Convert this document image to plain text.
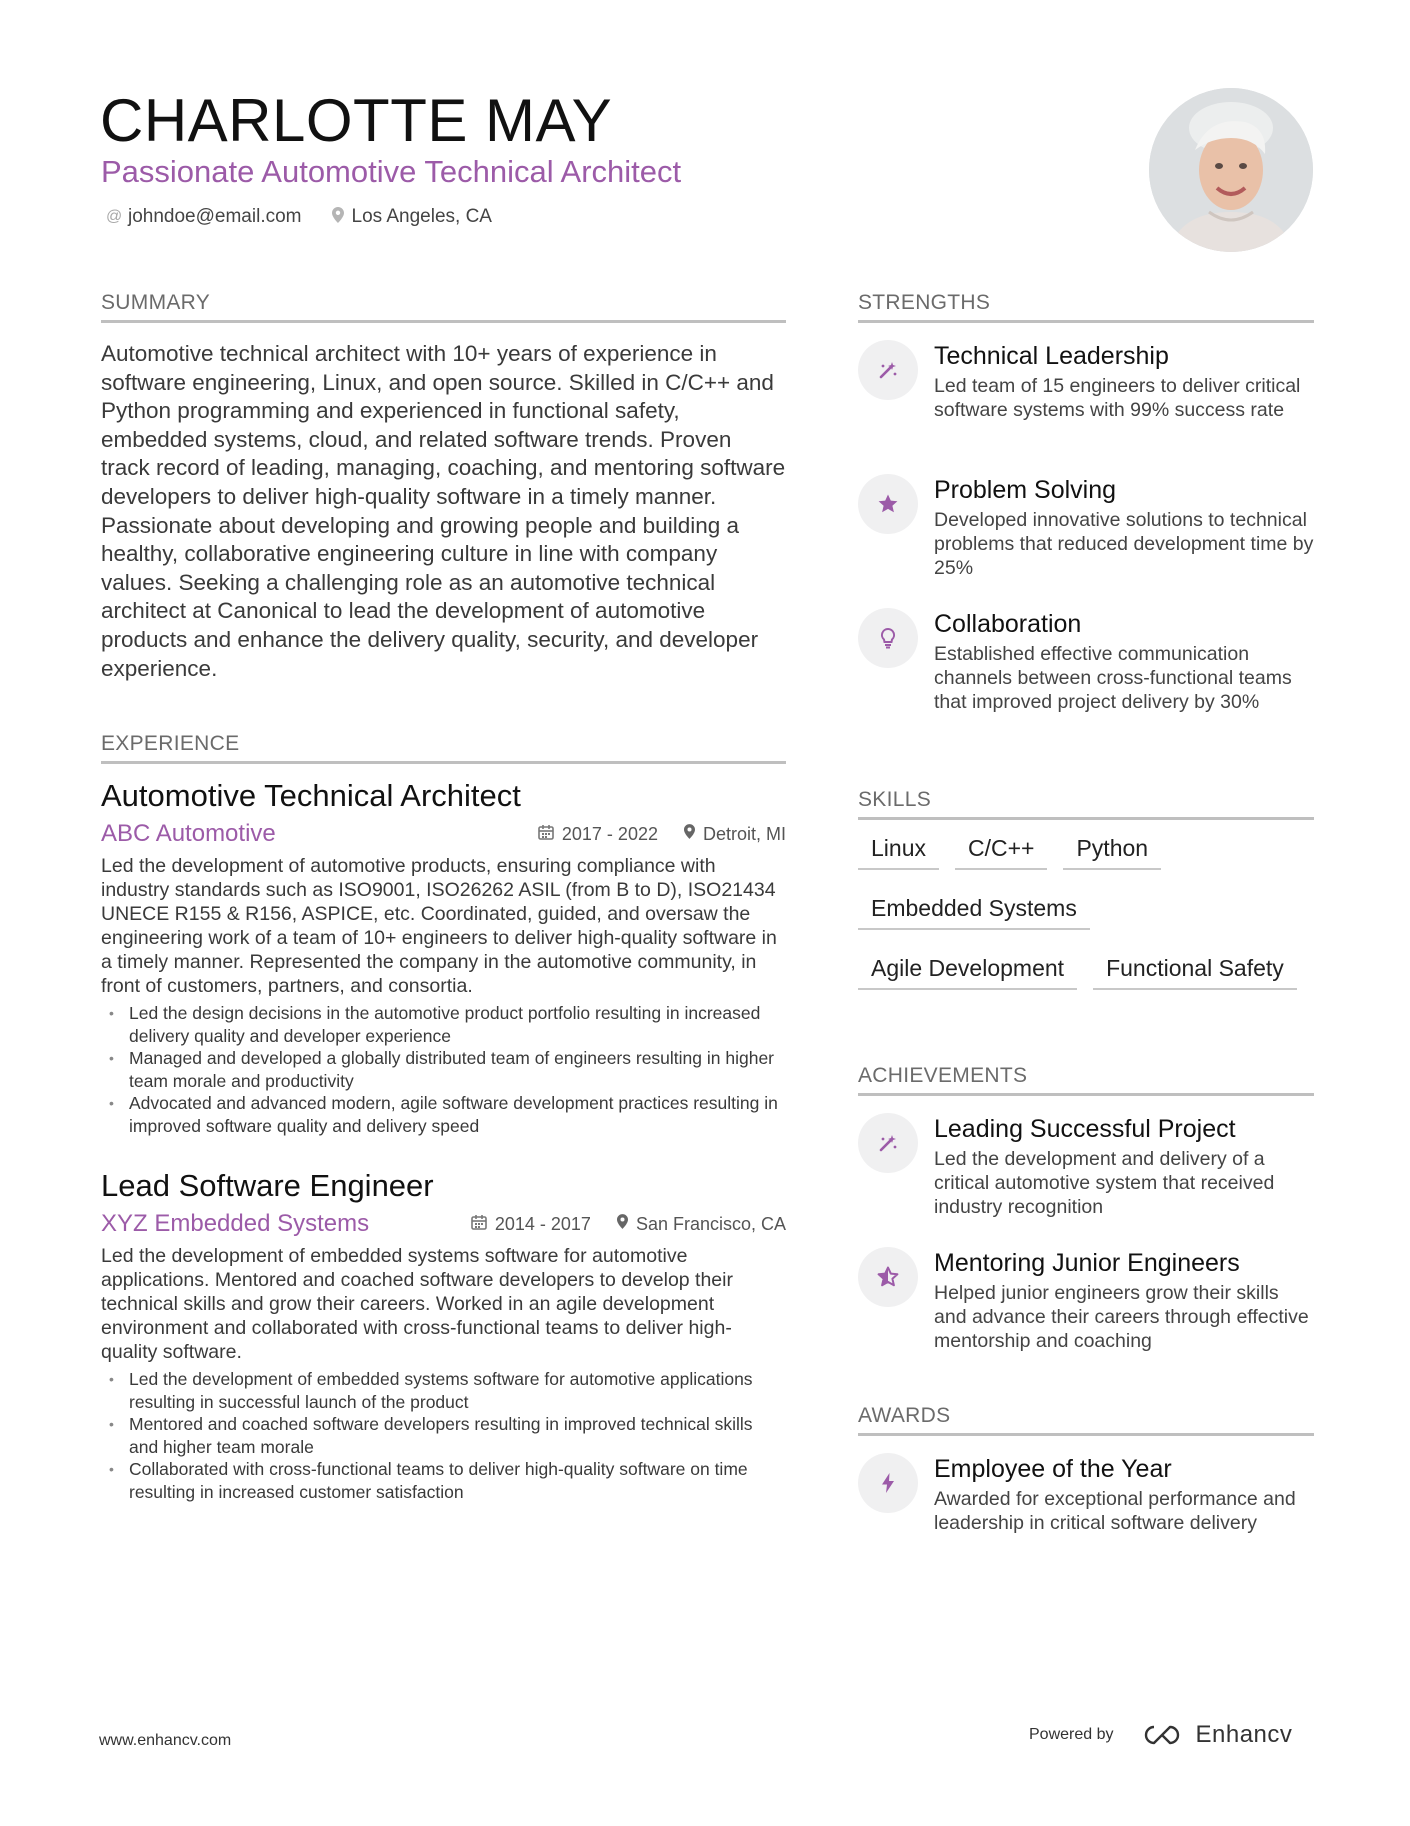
CHARLOTTE MAY
Passionate Automotive Technical Architect
@ johndoe@email.com	Los Angeles, CA
SUMMARY
Automotive technical architect with 10+ years of experience in software engineering, Linux, and open source. Skilled in C/C++ and Python programming and experienced in functional safety, embedded systems, cloud, and related software trends. Proven track record of leading, managing, coaching, and mentoring software developers to deliver high-quality software in a timely manner. Passionate about developing and growing people and building a healthy, collaborative engineering culture in line with company values. Seeking a challenging role as an automotive technical architect at Canonical to lead the development of automotive products and enhance the delivery quality, security, and developer experience.
EXPERIENCE
Automotive Technical Architect
ABC Automotive	2017 - 2022	Detroit, MI
Led the development of automotive products, ensuring compliance with industry standards such as ISO9001, ISO26262 ASIL (from B to D), ISO21434 UNECE R155 & R156, ASPICE, etc. Coordinated, guided, and oversaw the engineering work of a team of 10+ engineers to deliver high-quality software in a timely manner. Represented the company in the automotive community, in front of customers, partners, and consortia.
• Led the design decisions in the automotive product portfolio resulting in increased delivery quality and developer experience
• Managed and developed a globally distributed team of engineers resulting in higher team morale and productivity
• Advocated and advanced modern, agile software development practices resulting in improved software quality and delivery speed
Lead Software Engineer
XYZ Embedded Systems	2014 - 2017	San Francisco, CA
Led the development of embedded systems software for automotive applications. Mentored and coached software developers to develop their technical skills and grow their careers. Worked in an agile development environment and collaborated with cross-functional teams to deliver high-quality software.
• Led the development of embedded systems software for automotive applications resulting in successful launch of the product
• Mentored and coached software developers resulting in improved technical skills and higher team morale
• Collaborated with cross-functional teams to deliver high-quality software on time resulting in increased customer satisfaction
STRENGTHS
Technical Leadership
Led team of 15 engineers to deliver critical software systems with 99% success rate
Problem Solving
Developed innovative solutions to technical problems that reduced development time by 25%
Collaboration
Established effective communication channels between cross-functional teams that improved project delivery by 30%
SKILLS
Linux	C/C++	Python
Embedded Systems
Agile Development	Functional Safety
ACHIEVEMENTS
Leading Successful Project
Led the development and delivery of a critical automotive system that received industry recognition
Mentoring Junior Engineers
Helped junior engineers grow their skills and advance their careers through effective mentorship and coaching
AWARDS
Employee of the Year
Awarded for exceptional performance and leadership in critical software delivery
www.enhancv.com	Powered by	Enhancv
